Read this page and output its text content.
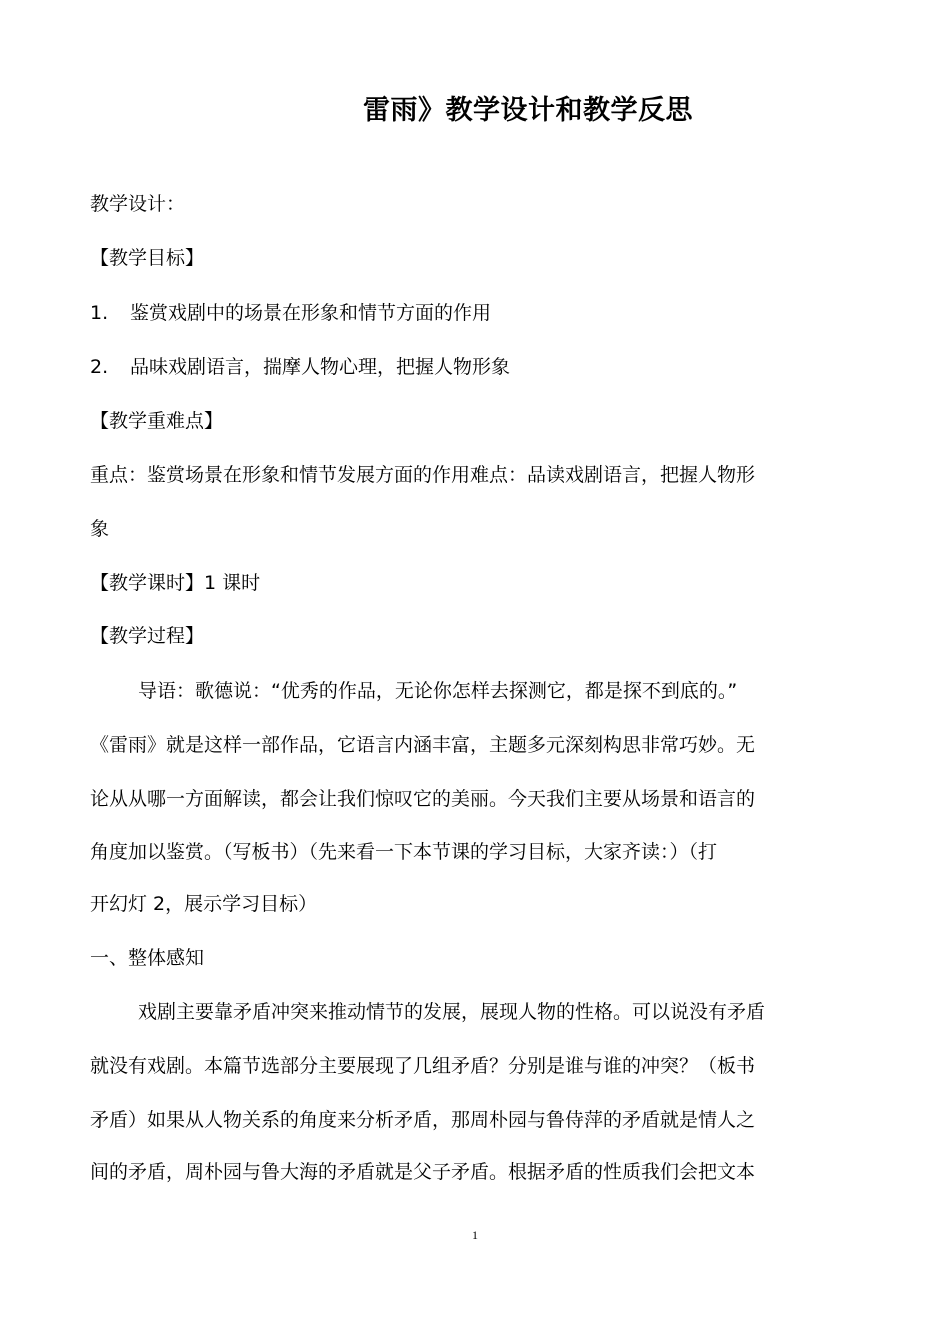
雷雨》教学设计和教学反思
教学设计：
【教学目标】
1. 鉴赏戏剧中的场景在形象和情节方面的作用
2. 品味戏剧语言，揣摩人物心理，把握人物形象
【教学重难点】
重点：鉴赏场景在形象和情节发展方面的作用难点：品读戏剧语言，把握人物形
象
【教学课时】1 课时
【教学过程】
导语：歌德说：“优秀的作品，无论你怎样去探测它，都是探不到底的。”
《雷雨》就是这样一部作品，它语言内涵丰富，主题多元深刻构思非常巧妙。无
论从从哪一方面解读，都会让我们惊叹它的美丽。今天我们主要从场景和语言的
角度加以鉴赏。（写板书）（先来看一下本节课的学习目标，大家齐读：）（打
开幻灯 2，展示学习目标）
一、整体感知
戏剧主要靠矛盾冲突来推动情节的发展，展现人物的性格。可以说没有矛盾
就没有戏剧。本篇节选部分主要展现了几组矛盾？分别是谁与谁的冲突？（板书
矛盾）如果从人物关系的角度来分析矛盾，那周朴园与鲁侍萍的矛盾就是情人之
间的矛盾，周朴园与鲁大海的矛盾就是父子矛盾。根据矛盾的性质我们会把文本
1
